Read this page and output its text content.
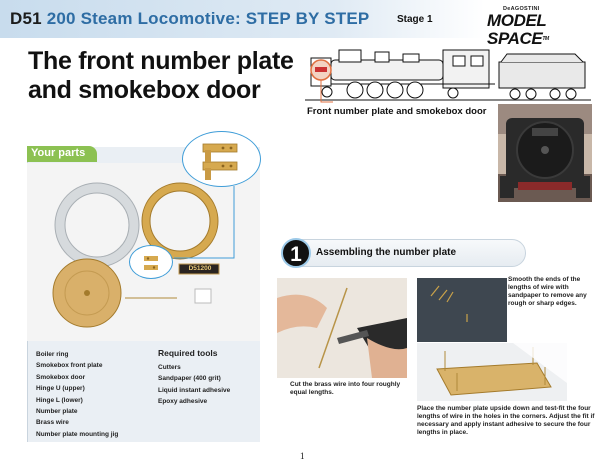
D51 200 Steam Locomotive: STEP BY STEP	Stage 1
DeAGOSTINI
MODEL SPACE™
The front number plate
and smokebox door
Front number plate and smokebox door
Your parts
D51200
Boiler ring
Smokebox front plate
Smokebox door
Hinge U (upper)
Hinge L (lower)
Number plate
Brass wire
Number plate mounting jig
Required tools
Cutters
Sandpaper (400 grit)
Liquid instant adhesive
Epoxy adhesive
1	Assembling the number plate
Cut the brass wire into four roughly equal lengths.
Smooth the ends of the lengths of wire with sandpaper to remove any rough or sharp edges.
Place the number plate upside down and test-fit the four lengths of wire in the holes in the corners. Adjust the fit if necessary and apply instant adhesive to secure the four lengths in place.
1
